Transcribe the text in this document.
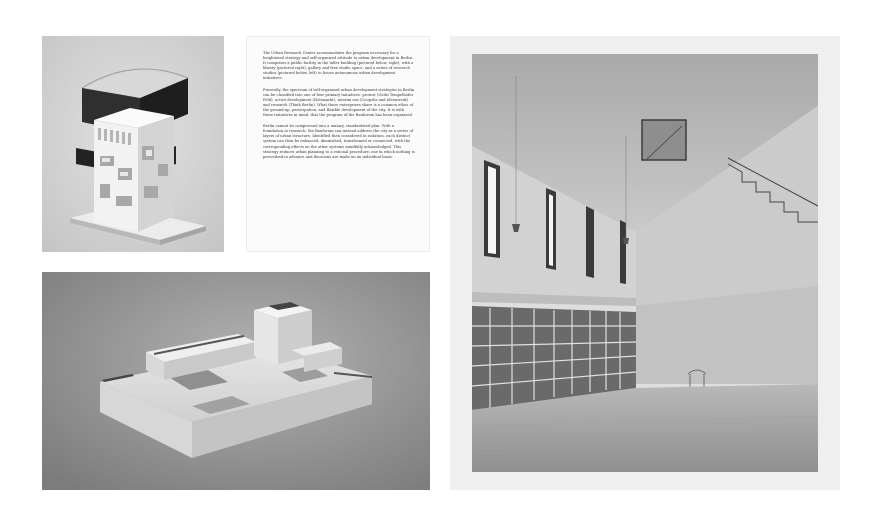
The Urban Research Center accommodates the program necessary for a heightened strategy and self-organized attitude to urban development in Berlin. It comprises a public facility in the taller building (pictured below, right), with a library (pictured right), gallery and free studio space, and a series of research studios (pictured below, left) to house autonomous urban development initiatives.

Presently, the spectrum of self-organized urban development strategies in Berlin can be classified into one of four primary initiatives: protest (Gorki Tempelhofer Feld), active development (Holzmarkt), interim use (Coopolis and Ideenwerk) and research (Think Berlin). What these enterprises share is a common ethos of the ground-up, participation, and flexible development of the city. It is with these initiatives in mind, that the program of the Bauforum has been organized.

Berlin cannot be compressed into a unitary, standardized plan. With a foundation in research, the Bauforum can instead address the city as a series of layers of urban structure. Identified then considered in isolation, each distinct system can then be enhanced, diminished, transformed or connected, with the corresponding effects on the other systems mindfully acknowledged. This strategy reduces urban planning to a rational procedure, one in which nothing is prescribed in advance and decisions are made on an individual basis.
